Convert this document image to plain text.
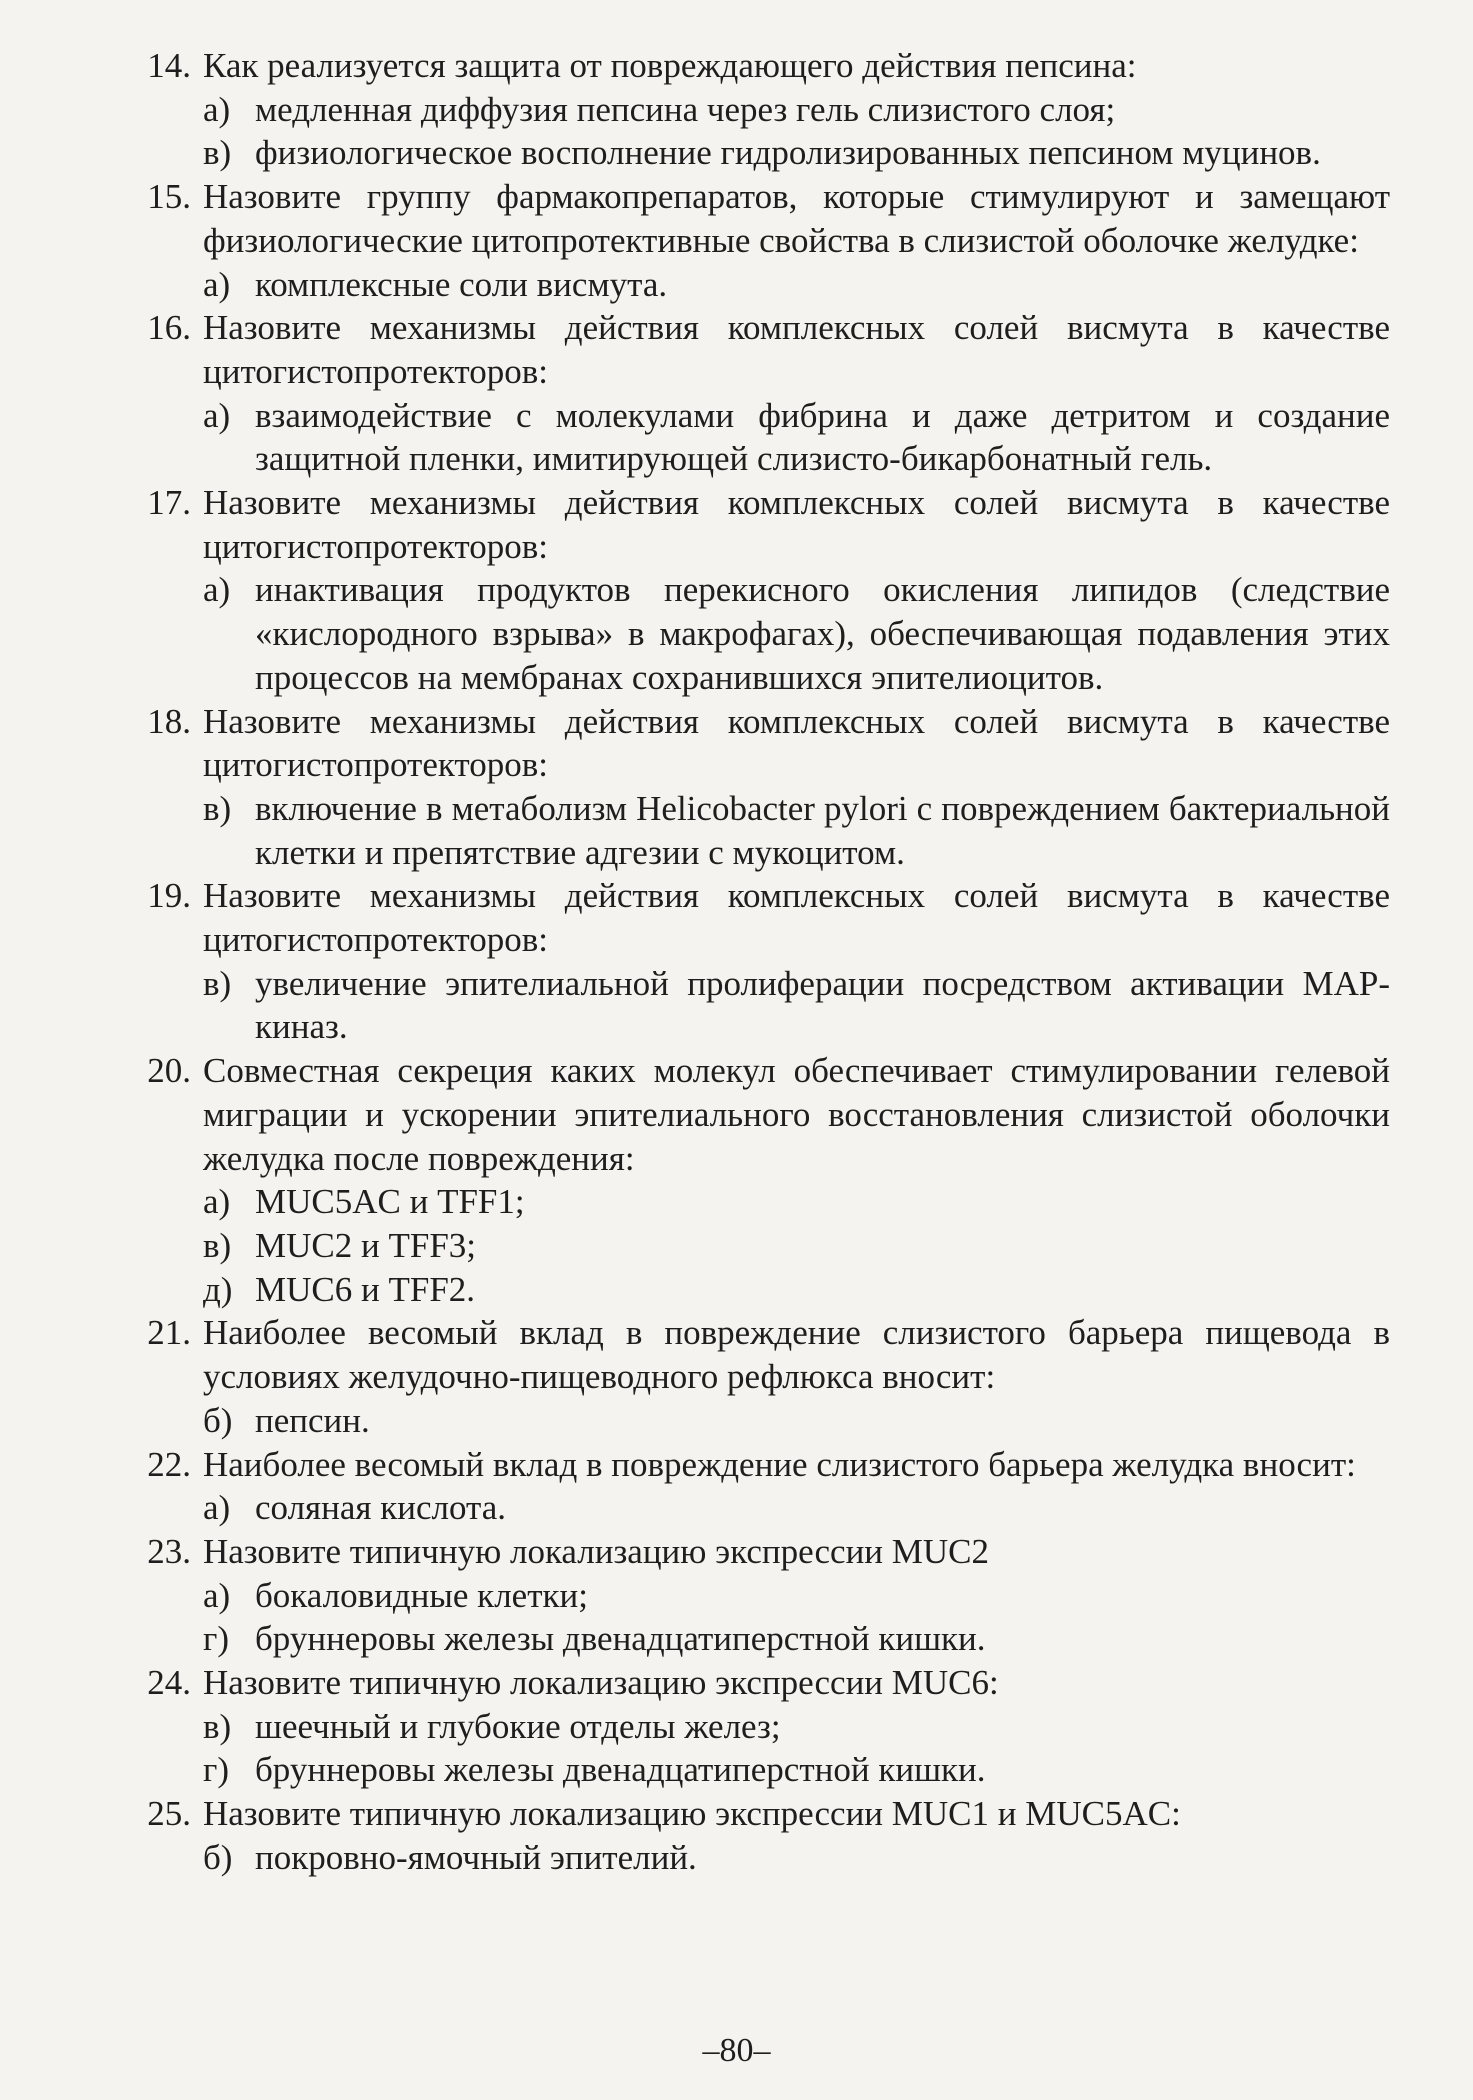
14. Как реализуется защита от повреждающего действия пепсина:
а) медленная диффузия пепсина через гель слизистого слоя;
в) физиологическое восполнение гидролизированных пепсином муцинов.
15. Назовите группу фармакопрепаратов, которые стимулируют и замещают физиологические цитопротективные свойства в слизистой оболочке желудке:
а) комплексные соли висмута.
16. Назовите механизмы действия комплексных солей висмута в качестве цитогистопротекторов:
а) взаимодействие с молекулами фибрина и даже детритом и создание защитной пленки, имитирующей слизисто-бикарбонатный гель.
17. Назовите механизмы действия комплексных солей висмута в качестве цитогистопротекторов:
а) инактивация продуктов перекисного окисления липидов (следствие «кислородного взрыва» в макрофагах), обеспечивающая подавления этих процессов на мембранах сохранившихся эпителиоцитов.
18. Назовите механизмы действия комплексных солей висмута в качестве цитогистопротекторов:
в) включение в метаболизм Helicobacter pylori с повреждением бактериальной клетки и препятствие адгезии с мукоцитом.
19. Назовите механизмы действия комплексных солей висмута в качестве цитогистопротекторов:
в) увеличение эпителиальной пролиферации посредством активации MAP-киназ.
20. Совместная секреция каких молекул обеспечивает стимулировании гелевой миграции и ускорении эпителиального восстановления слизистой оболочки желудка после повреждения:
а) MUC5AC и TFF1;
в) MUC2 и TFF3;
д) MUC6 и TFF2.
21. Наиболее весомый вклад в повреждение слизистого барьера пищевода в условиях желудочно-пищеводного рефлюкса вносит:
б) пепсин.
22. Наиболее весомый вклад в повреждение слизистого барьера желудка вносит:
а) соляная кислота.
23. Назовите типичную локализацию экспрессии MUC2
а) бокаловидные клетки;
г) бруннеровы железы двенадцатиперстной кишки.
24. Назовите типичную локализацию экспрессии MUC6:
в) шеечный и глубокие отделы желез;
г) бруннеровы железы двенадцатиперстной кишки.
25. Назовите типичную локализацию экспрессии MUC1 и MUC5AC:
б) покровно-ямочный эпителий.
–80–
